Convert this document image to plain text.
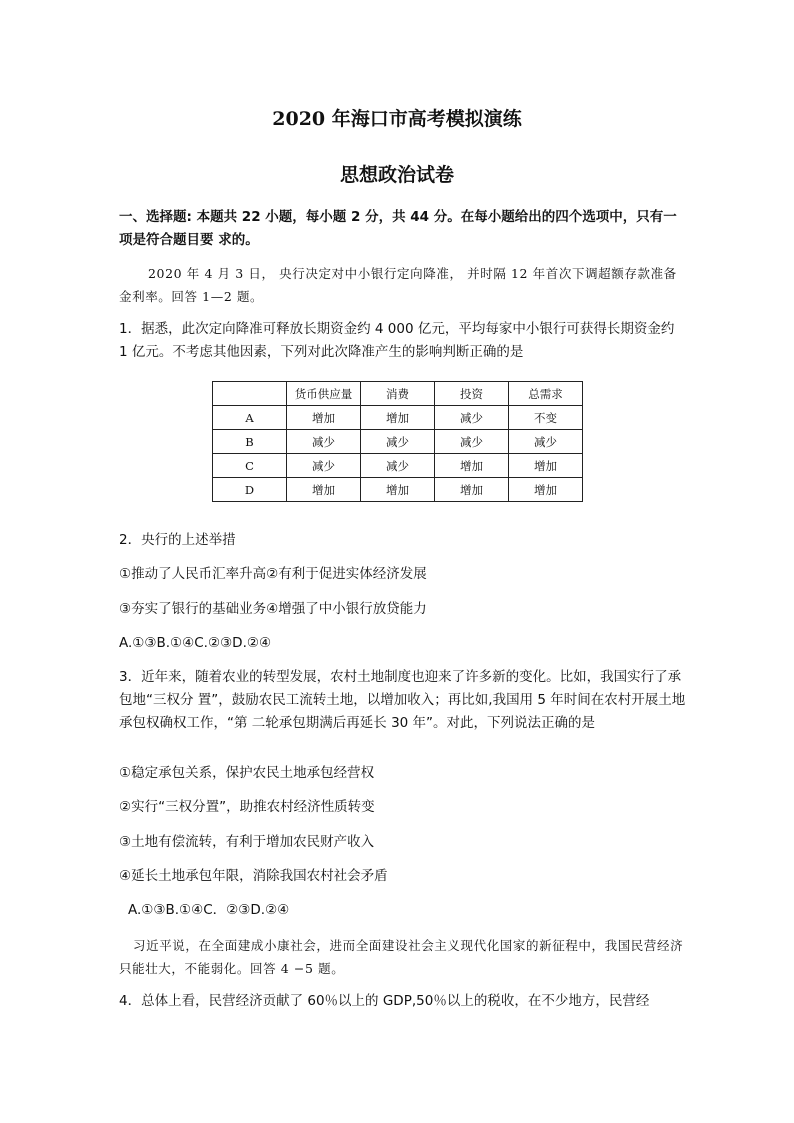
2020 年海口市高考模拟演练
思想政治试卷
一、选择题: 本题共 22 小题，每小题 2 分，共 44 分。在每小题给出的四个选项中，只有一项是符合题目要 求的。
2020 年 4 月 3 日， 央行决定对中小银行定向降准， 并时隔 12 年首次下调超额存款准备金利率。回答 1—2 题。
1．据悉，此次定向降准可释放长期资金约 4 000 亿元，平均每家中小银行可获得长期资金约 1 亿元。不考虑其他因素，下列对此次降准产生的影响判断正确的是
	货币供应量	消费	投资	总需求
A	增加	增加	减少	不变
B	减少	减少	减少	减少
C	减少	减少	增加	增加
D	增加	增加	增加	增加
2．央行的上述举措
①推动了人民币汇率升高②有利于促进实体经济发展
③夯实了银行的基础业务④增强了中小银行放贷能力
A.①③B.①④C.②③D.②④
3．近年来，随着农业的转型发展，农村土地制度也迎来了许多新的变化。比如，我国实行了承包地“三权分 置”，鼓励农民工流转土地，以增加收入；再比如,我国用 5 年时间在农村开展土地承包权确权工作，“第 二轮承包期满后再延长 30 年”。对此，下列说法正确的是
①稳定承包关系，保护农民土地承包经营权
②实行“三权分置”，助推农村经济性质转变
③土地有偿流转，有利于增加农民财产收入
④延长土地承包年限，消除我国农村社会矛盾
A.①③B.①④C．②③D.②④
习近平说，在全面建成小康社会，进而全面建设社会主义现代化国家的新征程中，我国民营经济只能壮大，不能弱化。回答 4 −5 题。
4．总体上看，民营经济贡献了 60％以上的 GDP,50％以上的税收，在不少地方，民营经
